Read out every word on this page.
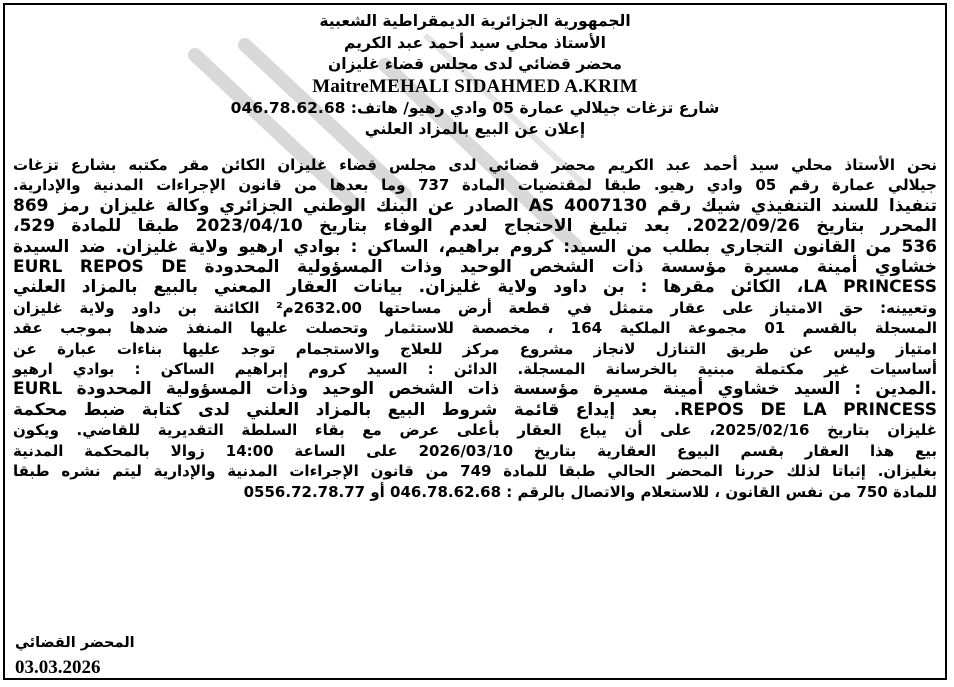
الجمهورية الجزائرية الديمقراطية الشعبية
الأستاذ محلي سيد أحمد عبد الكريم
محضر قضائي لدى مجلس قضاء غليزان
MaitreMEHALI SIDAHMED A.KRIM
شارع تزغات جيلالي عمارة 05 وادي رهيو/ هاتف: 046.78.62.68
إعلان عن البيع بالمزاد العلني
نحن الأستاذ محلي سيد أحمد عبد الكريم محضر قضائي لدى مجلس قضاء غليزان الكائن مقر مكتبه بشارع تزغات
جيلالي عمارة رقم 05 وادي رهيو. طبقا لمقتضيات المادة 737 وما بعدها من قانون الإجراءات المدنية والإدارية.
تنفيذا للسند التنفيذي شيك رقم AS 4007130 الصادر عن البنك الوطني الجزائري وكالة غليزان رمز 869
المحرر بتاريخ 2022/09/26. بعد تبليغ الاحتجاج لعدم الوفاء بتاريخ 2023/04/10 طبقا للمادة 529،
536 من القانون التجاري بطلب من السيد: كروم براهيم، الساكن : بوادي ارهيو ولاية غليزان. ضد السيدة
خشاوي أمينة مسيرة مؤسسة ذات الشخص الوحيد وذات المسؤولية المحدودة EURL REPOS DE
LA PRINCESS، الكائن مقرها : بن داود ولاية غليزان. بيانات العقار المعني بالبيع بالمزاد العلني
وتعيينه: حق الامتياز على عقار متمثل في قطعة أرض مساحتها 2632.00م² الكائنة بن داود ولاية غليزان
المسجلة بالقسم 01 مجموعة الملكية 164 ، مخصصة للاستثمار وتحصلت عليها المنفذ ضدها بموجب عقد
امتياز وليس عن طريق التنازل لانجاز مشروع مركز للعلاج والاستجمام توجد عليها بناءات عبارة عن
أساسيات غير مكتملة مبنية بالخرسانة المسجلة. الدائن : السيد كروم إبراهيم الساكن : بوادي ارهيو
.المدين : السيد خشاوي أمينة مسيرة مؤسسة ذات الشخص الوحيد وذات المسؤولية المحدودة EURL
REPOS DE LA PRINCESS. بعد إيداع قائمة شروط البيع بالمزاد العلني لدى كتابة ضبط محكمة
غليزان بتاريخ 2025/02/16، على أن يباع العقار بأعلى عرض مع بقاء السلطة التقديرية للقاضي. ويكون
بيع هذا العقار بقسم البيوع العقارية بتاريخ 2026/03/10 على الساعة 14:00 زوالا بالمحكمة المدنية
بغليزان. إثباتا لذلك حررنا المحضر الحالي طبقا للمادة 749 من قانون الإجراءات المدنية والإدارية ليتم نشره طبقا
للمادة 750 من نفس القانون ، للاستعلام والاتصال بالرقم : 046.78.62.68 أو 0556.72.78.77
المحضر القضائي
03.03.2026
